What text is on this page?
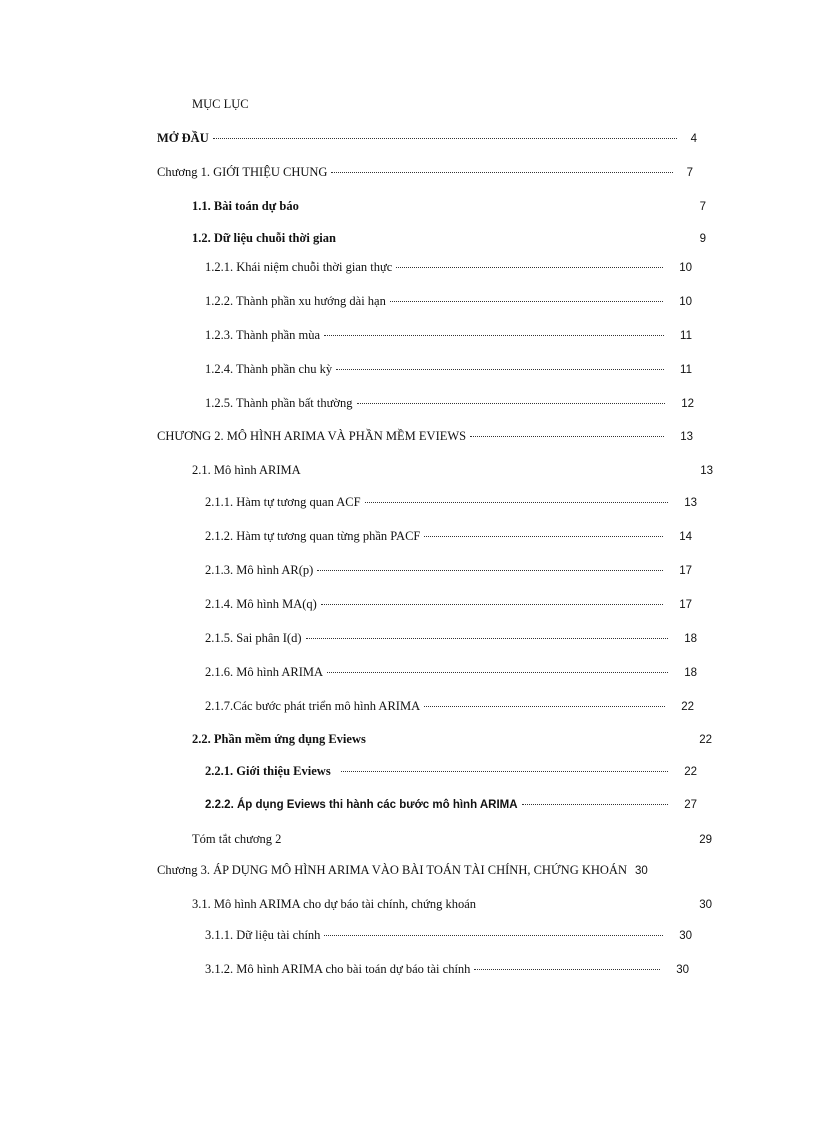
MỤC LỤC
MỞ ĐẦU	4
Chương 1. GIỚI THIỆU CHUNG	7
1.1. Bài toán dự báo	7
1.2. Dữ liệu chuỗi thời gian	9
1.2.1. Khái niệm chuỗi thời gian thực	10
1.2.2. Thành phần xu hướng dài hạn	10
1.2.3. Thành phần mùa	11
1.2.4. Thành phần chu kỳ	11
1.2.5. Thành phần bất thường	12
CHƯƠNG 2. MÔ HÌNH ARIMA VÀ PHẦN MỀM EVIEWS	13
2.1. Mô hình ARIMA	13
2.1.1. Hàm tự tương quan ACF	13
2.1.2. Hàm tự tương quan từng phần PACF	14
2.1.3. Mô hình AR(p)	17
2.1.4. Mô hình MA(q)	17
2.1.5. Sai phân I(d)	18
2.1.6. Mô hình ARIMA	18
2.1.7.Các bước phát triển mô hình ARIMA	22
2.2. Phần mềm ứng dụng Eviews	22
2.2.1. Giới thiệu Eviews	22
2.2.2. Áp dụng Eviews thi hành các bước mô hình ARIMA	27
Tóm tắt chương 2	29
Chương 3. ÁP DỤNG MÔ HÌNH ARIMA VÀO BÀI TOÁN TÀI CHÍNH, CHỨNG KHOÁN 30
3.1. Mô hình ARIMA cho dự báo tài chính, chứng khoán	30
3.1.1. Dữ liệu tài chính	30
3.1.2. Mô hình ARIMA cho bài toán dự báo tài chính	30
